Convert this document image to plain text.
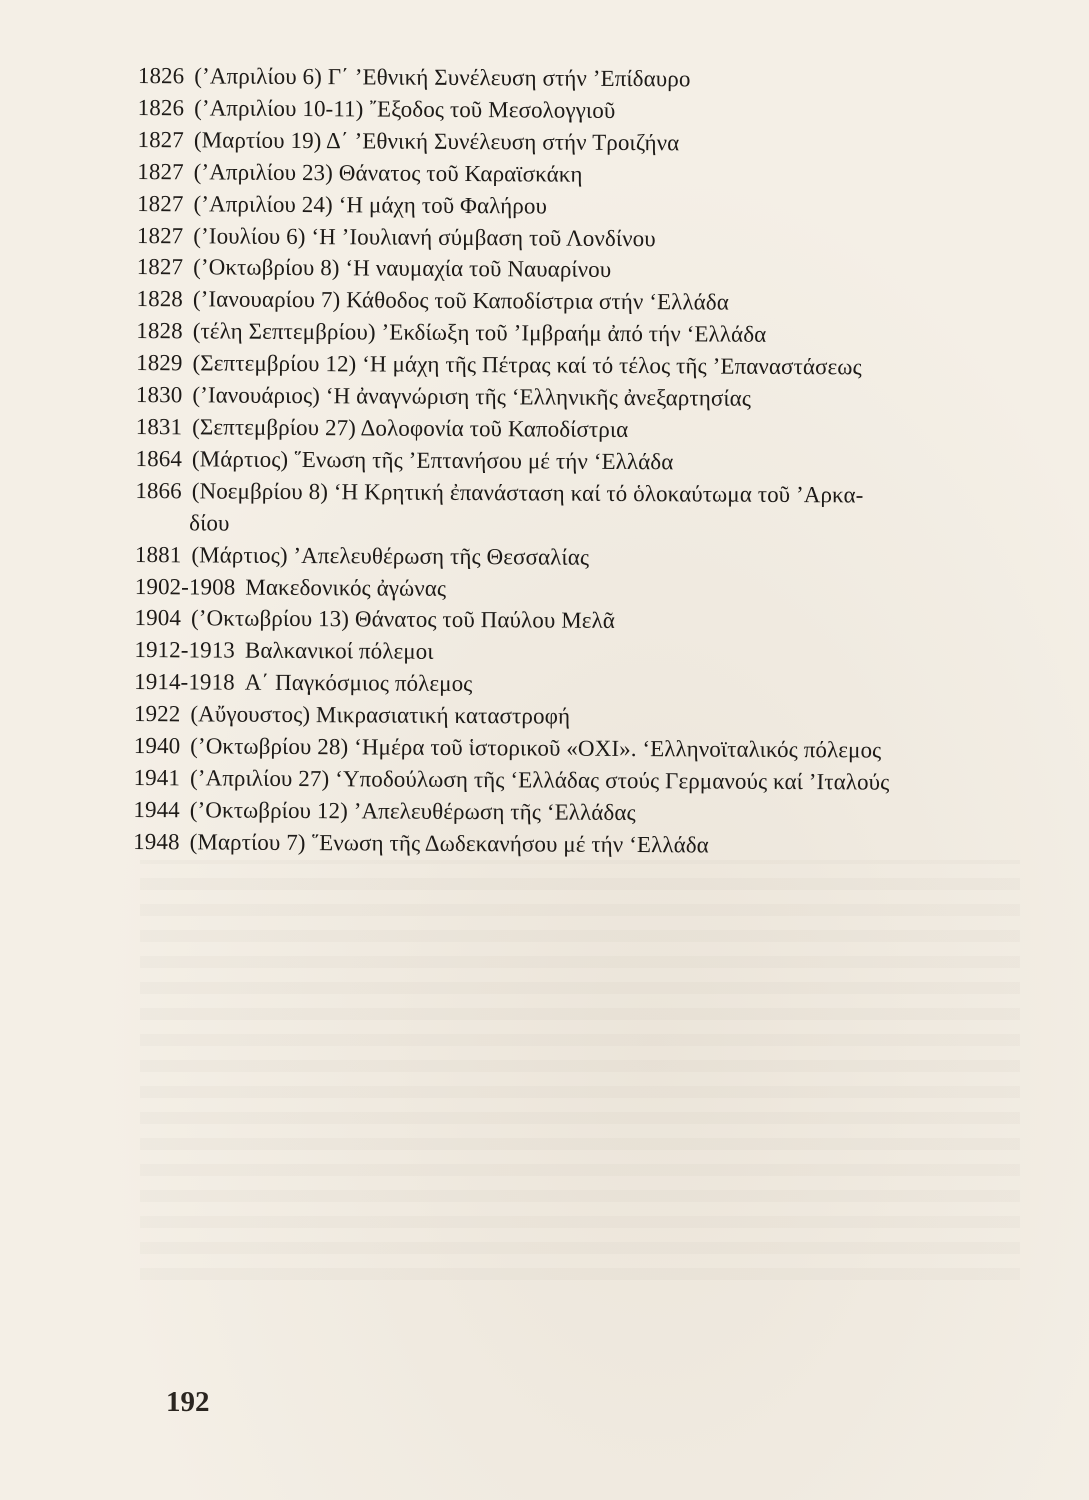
1826 (’Απριλίου 6) Γ΄ ’Εθνική Συνέλευση στήν ’Επίδαυρο
1826 (’Απριλίου 10-11) ῎Εξοδος τοῦ Μεσολογγιοῦ
1827 (Μαρτίου 19) Δ΄ ’Εθνική Συνέλευση στήν Τροιζήνα
1827 (’Απριλίου 23) Θάνατος τοῦ Καραϊσκάκη
1827 (’Απριλίου 24) ‘Η μάχη τοῦ Φαλήρου
1827 (’Ιουλίου 6) ‘Η ’Ιουλιανή σύμβαση τοῦ Λονδίνου
1827 (’Οκτωβρίου 8) ‘Η ναυμαχία τοῦ Ναυαρίνου
1828 (’Ιανουαρίου 7) Κάθοδος τοῦ Καποδίστρια στήν ‘Ελλάδα
1828 (τέλη Σεπτεμβρίου) ’Εκδίωξη τοῦ ’Ιμβραήμ ἀπό τήν ‘Ελλάδα
1829 (Σεπτεμβρίου 12) ‘Η μάχη τῆς Πέτρας καί τό τέλος τῆς ’Επαναστάσεως
1830 (’Ιανουάριος) ‘Η ἀναγνώριση τῆς ‘Ελληνικῆς ἀνεξαρτησίας
1831 (Σεπτεμβρίου 27) Δολοφονία τοῦ Καποδίστρια
1864 (Μάρτιος) ῞Ενωση τῆς ’Επτανήσου μέ τήν ‘Ελλάδα
1866 (Νοεμβρίου 8) ‘Η Κρητική ἐπανάσταση καί τό ὁλοκαύτωμα τοῦ ’Αρκα-
δίου
1881 (Μάρτιος) ’Απελευθέρωση τῆς Θεσσαλίας
1902-1908 Μακεδονικός ἀγώνας
1904 (’Οκτωβρίου 13) Θάνατος τοῦ Παύλου Μελᾶ
1912-1913 Βαλκανικοί πόλεμοι
1914-1918 Α΄ Παγκόσμιος πόλεμος
1922 (Αὔγουστος) Μικρασιατική καταστροφή
1940 (’Οκτωβρίου 28) ‘Ημέρα τοῦ ἱστορικοῦ «ΟΧΙ». ‘Ελληνοϊταλικός πόλεμος
1941 (’Απριλίου 27) ‘Υποδούλωση τῆς ‘Ελλάδας στούς Γερμανούς καί ’Ιταλούς
1944 (’Οκτωβρίου 12) ’Απελευθέρωση τῆς ‘Ελλάδας
1948 (Μαρτίου 7) ῞Ενωση τῆς Δωδεκανήσου μέ τήν ‘Ελλάδα
192
